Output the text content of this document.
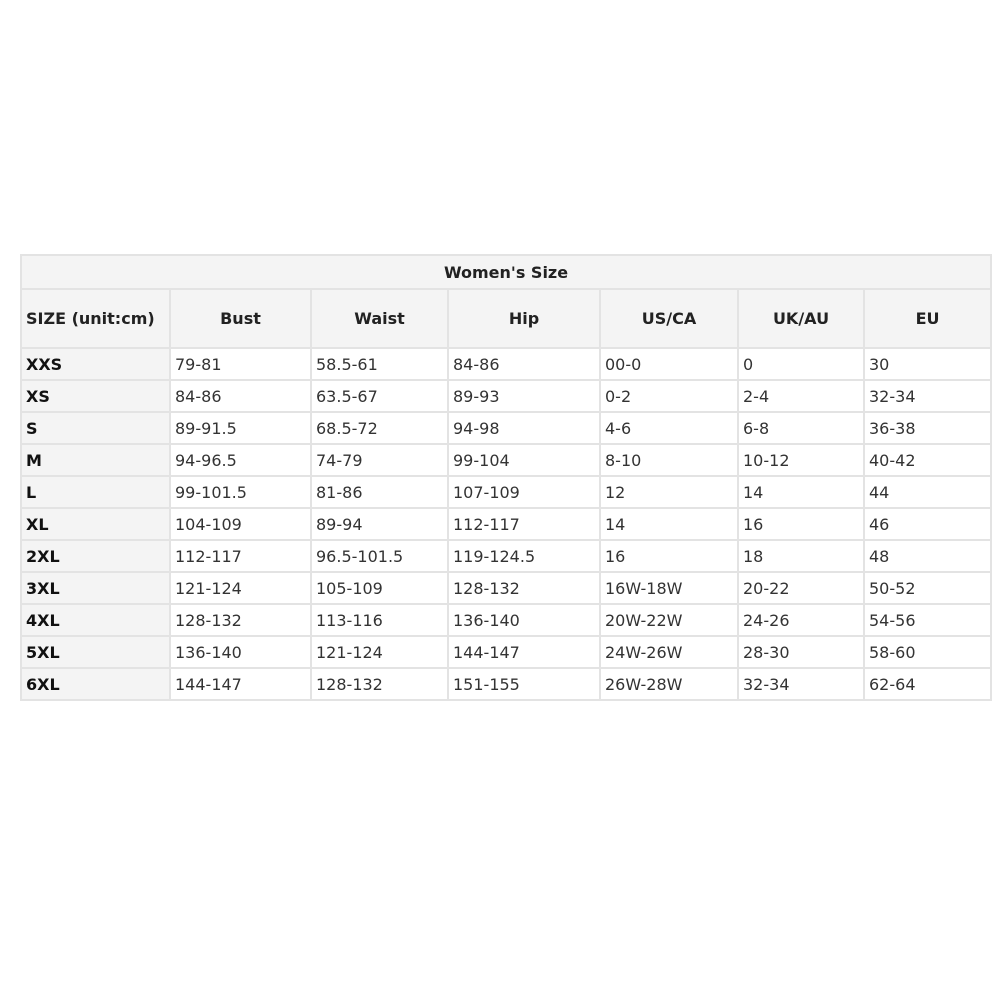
Women's Size						
SIZE (unit:cm)	Bust	Waist	Hip	US/CA	UK/AU	EU
XXS	79-81	58.5-61	84-86	00-0	0	30
XS	84-86	63.5-67	89-93	0-2	2-4	32-34
S	89-91.5	68.5-72	94-98	4-6	6-8	36-38
M	94-96.5	74-79	99-104	8-10	10-12	40-42
L	99-101.5	81-86	107-109	12	14	44
XL	104-109	89-94	112-117	14	16	46
2XL	112-117	96.5-101.5	119-124.5	16	18	48
3XL	121-124	105-109	128-132	16W-18W	20-22	50-52
4XL	128-132	113-116	136-140	20W-22W	24-26	54-56
5XL	136-140	121-124	144-147	24W-26W	28-30	58-60
6XL	144-147	128-132	151-155	26W-28W	32-34	62-64
